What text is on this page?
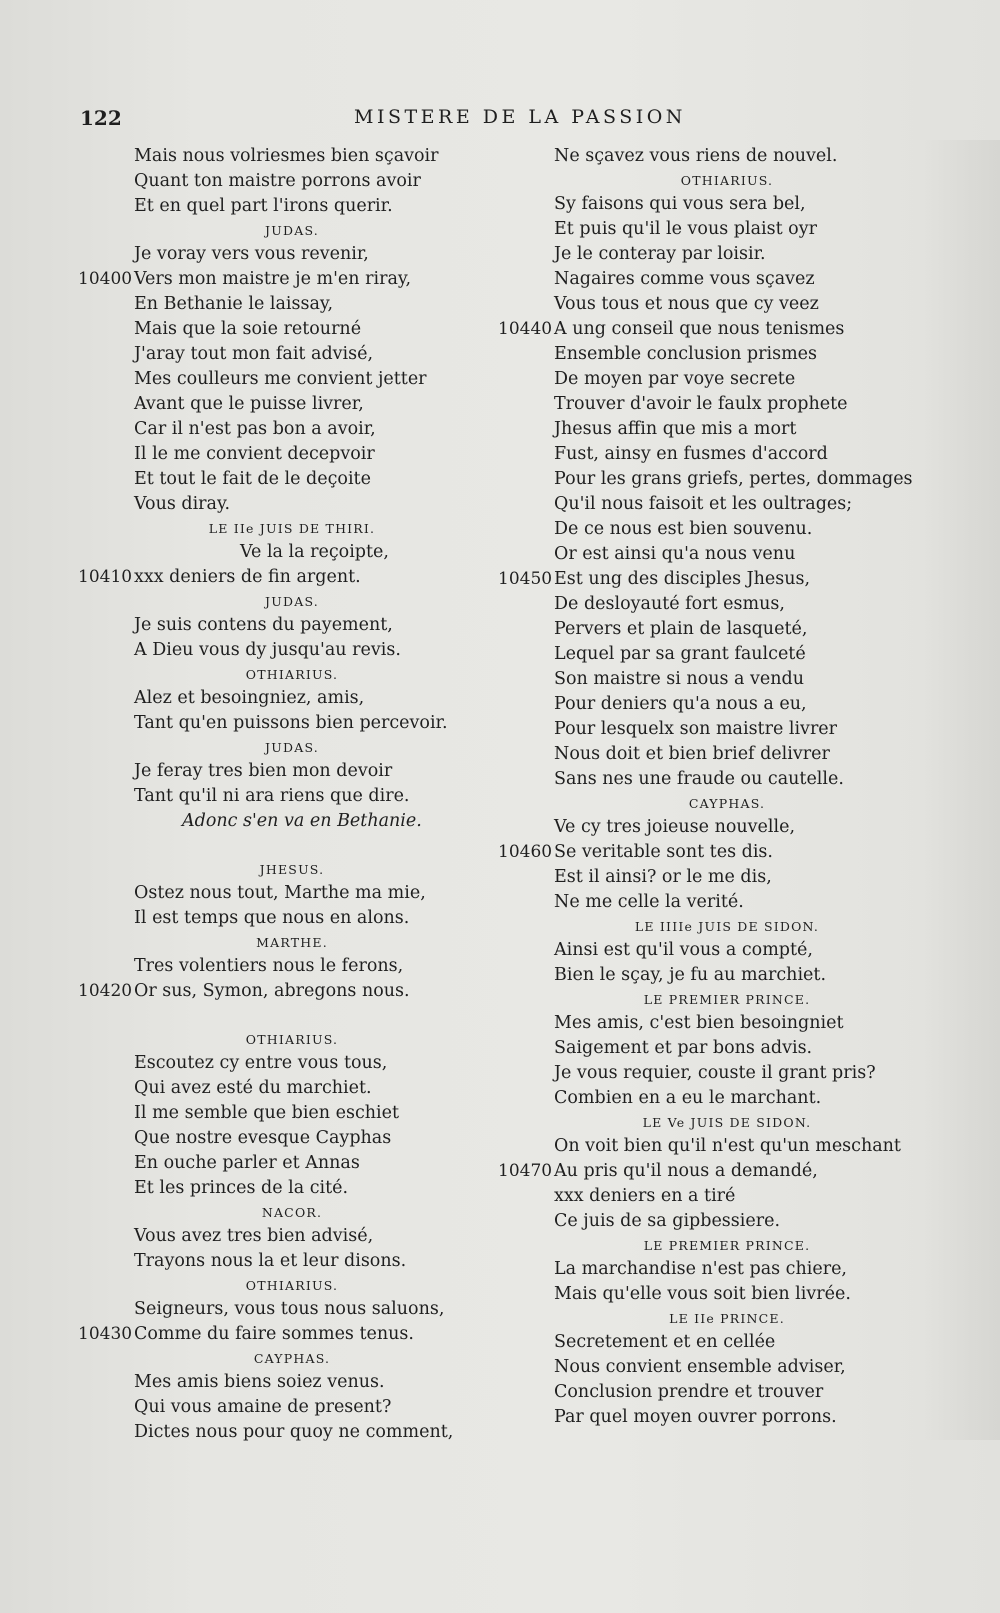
122	MISTERE DE LA PASSION
Mais nous volriesmes bien sçavoir
Quant ton maistre porrons avoir
Et en quel part l'irons querir.
JUDAS.
Je voray vers vous revenir,
10400 Vers mon maistre je m'en riray,
En Bethanie le laissay,
Mais que la soie retourné
J'aray tout mon fait advisé,
Mes coulleurs me convient jetter
Avant que le puisse livrer,
Car il n'est pas bon a avoir,
Il le me convient decepvoir
Et tout le fait de le deçoite
Vous diray.
LE IIe JUIS DE THIRI.
Ve la la reçoipte,
10410 xxx deniers de fin argent.
JUDAS.
Je suis contens du payement,
A Dieu vous dy jusqu'au revis.
OTHIARIUS.
Alez et besoingniez, amis,
Tant qu'en puissons bien percevoir.
JUDAS.
Je feray tres bien mon devoir
Tant qu'il ni ara riens que dire.
Adonc s'en va en Bethanie.
JHESUS.
Ostez nous tout, Marthe ma mie,
Il est temps que nous en alons.
MARTHE.
Tres volentiers nous le ferons,
10420 Or sus, Symon, abregons nous.
OTHIARIUS.
Escoutez cy entre vous tous,
Qui avez esté du marchiet.
Il me semble que bien eschiet
Que nostre evesque Cayphas
En ouche parler et Annas
Et les princes de la cité.
NACOR.
Vous avez tres bien advisé,
Trayons nous la et leur disons.
OTHIARIUS.
Seigneurs, vous tous nous saluons,
10430 Comme du faire sommes tenus.
CAYPHAS.
Mes amis biens soiez venus.
Qui vous amaine de present?
Dictes nous pour quoy ne comment,
Ne sçavez vous riens de nouvel.
OTHIARIUS.
Sy faisons qui vous sera bel,
Et puis qu'il le vous plaist oyr
Je le conteray par loisir.
Nagaires comme vous sçavez
Vous tous et nous que cy veez
10440 A ung conseil que nous tenismes
Ensemble conclusion prismes
De moyen par voye secrete
Trouver d'avoir le faulx prophete
Jhesus affin que mis a mort
Fust, ainsy en fusmes d'accord
Pour les grans griefs, pertes, dommages
Qu'il nous faisoit et les oultrages;
De ce nous est bien souvenu.
Or est ainsi qu'a nous venu
10450 Est ung des disciples Jhesus,
De desloyauté fort esmus,
Pervers et plain de lasqueté,
Lequel par sa grant faulceté
Son maistre si nous a vendu
Pour deniers qu'a nous a eu,
Pour lesquelx son maistre livrer
Nous doit et bien brief delivrer
Sans nes une fraude ou cautelle.
CAYPHAS.
Ve cy tres joieuse nouvelle,
10460 Se veritable sont tes dis.
Est il ainsi? or le me dis,
Ne me celle la verité.
LE IIIIe JUIS DE SIDON.
Ainsi est qu'il vous a compté,
Bien le sçay, je fu au marchiet.
LE PREMIER PRINCE.
Mes amis, c'est bien besoingniet
Saigement et par bons advis.
Je vous requier, couste il grant pris?
Combien en a eu le marchant.
LE Ve JUIS DE SIDON.
On voit bien qu'il n'est qu'un meschant
10470 Au pris qu'il nous a demandé,
xxx deniers en a tiré
Ce juis de sa gipbessiere.
LE PREMIER PRINCE.
La marchandise n'est pas chiere,
Mais qu'elle vous soit bien livrée.
LE IIe PRINCE.
Secretement et en cellée
Nous convient ensemble adviser,
Conclusion prendre et trouver
Par quel moyen ouvrer porrons.
